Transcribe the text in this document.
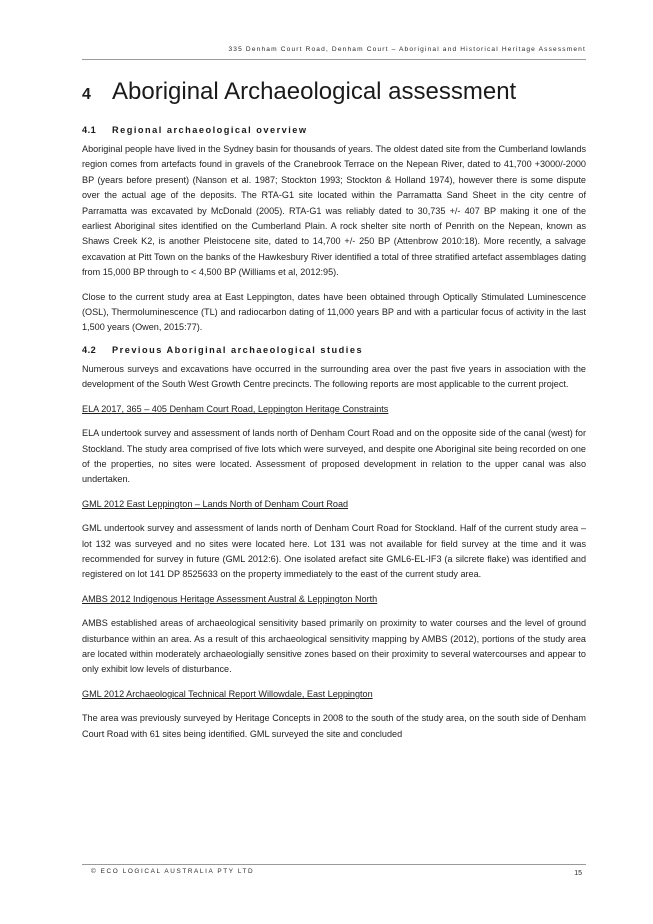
335 Denham Court Road, Denham Court – Aboriginal and Historical Heritage Assessment
4 Aboriginal Archaeological assessment
4.1	Regional archaeological overview

Aboriginal people have lived in the Sydney basin for thousands of years. The oldest dated site from the Cumberland lowlands region comes from artefacts found in gravels of the Cranebrook Terrace on the Nepean River, dated to 41,700 +3000/-2000 BP (years before present) (Nanson et al. 1987; Stockton 1993; Stockton & Holland 1974), however there is some dispute over the actual age of the deposits. The RTA-G1 site located within the Parramatta Sand Sheet in the city centre of Parramatta was excavated by McDonald (2005). RTA-G1 was reliably dated to 30,735 +/- 407 BP making it one of the earliest Aboriginal sites identified on the Cumberland Plain. A rock shelter site north of Penrith on the Nepean, known as Shaws Creek K2, is another Pleistocene site, dated to 14,700 +/- 250 BP (Attenbrow 2010:18). More recently, a salvage excavation at Pitt Town on the banks of the Hawkesbury River identified a total of three stratified artefact assemblages dating from 15,000 BP through to < 4,500 BP (Williams et al, 2012:95).

Close to the current study area at East Leppington, dates have been obtained through Optically Stimulated Luminescence (OSL), Thermoluminescence (TL) and radiocarbon dating of 11,000 years BP and with a particular focus of activity in the last 1,500 years (Owen, 2015:77).

4.2	Previous Aboriginal archaeological studies

Numerous surveys and excavations have occurred in the surrounding area over the past five years in association with the development of the South West Growth Centre precincts. The following reports are most applicable to the current project.

ELA 2017, 365 – 405 Denham Court Road, Leppington Heritage Constraints

ELA undertook survey and assessment of lands north of Denham Court Road and on the opposite side of the canal (west) for Stockland. The study area comprised of five lots which were surveyed, and despite one Aboriginal site being recorded on one of the properties, no sites were located. Assessment of proposed development in relation to the upper canal was also undertaken.

GML 2012 East Leppington – Lands North of Denham Court Road

GML undertook survey and assessment of lands north of Denham Court Road for Stockland. Half of the current study area – lot 132 was surveyed and no sites were located here. Lot 131 was not available for field survey at the time and it was recommended for survey in future (GML 2012:6). One isolated arefact site GML6-EL-IF3 (a silcrete flake) was identified and registered on lot 141 DP 8525633 on the property immediately to the east of the current study area.

AMBS 2012 Indigenous Heritage Assessment Austral & Leppington North

AMBS established areas of archaeological sensitivity based primarily on proximity to water courses and the level of ground disturbance within an area. As a result of this archaeological sensitivity mapping by AMBS (2012), portions of the study area are located within moderately archaeologially sensitive zones based on their proximity to several watercourses and appear to only exhibit low levels of disturbance.

GML 2012 Archaeological Technical Report Willowdale, East Leppington

The area was previously surveyed by Heritage Concepts in 2008 to the south of the study area, on the south side of Denham Court Road with 61 sites being identified. GML surveyed the site and concluded

© ECO LOGICAL AUSTRALIA PTY LTD	15
